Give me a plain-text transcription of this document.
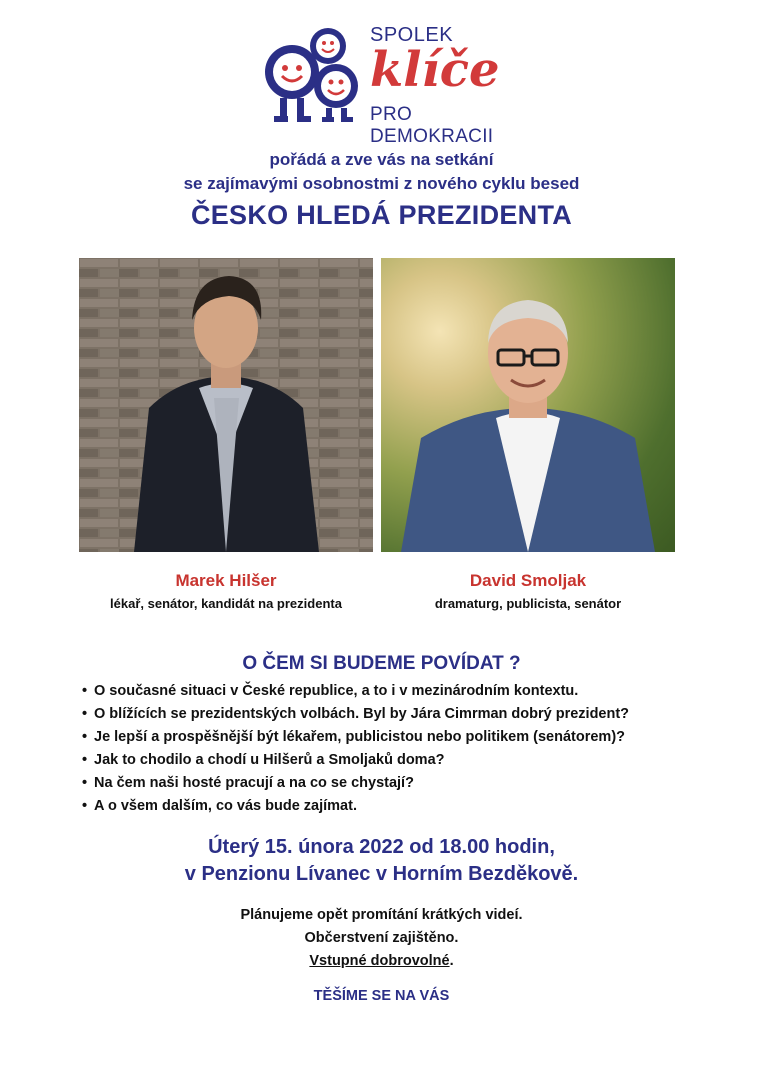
SPOLEK
klíče
PRO DEMOKRACII
pořádá a zve vás na setkání
se zajímavými osobnostmi z nového cyklu besed
ČESKO HLEDÁ PREZIDENTA
Marek Hilšer
lékař, senátor, kandidát na prezidenta
David Smoljak
dramaturg, publicista, senátor
O ČEM SI BUDEME POVÍDAT ?
• O současné situaci v České republice, a to i v mezinárodním kontextu.
• O blížících se prezidentských volbách. Byl by Jára Cimrman dobrý prezident?
• Je lepší a prospěšnější být lékařem, publicistou nebo politikem (senátorem)?
• Jak to chodilo a chodí u Hilšerů a Smoljaků doma?
• Na čem naši hosté pracují a na co se chystají?
• A o všem dalším, co vás bude zajímat.
Úterý 15. února 2022 od 18.00 hodin,
v Penzionu Lívanec v Horním Bezděkově.
Plánujeme opět promítání krátkých videí.
Občerstvení zajištěno.
Vstupné dobrovolné.
TĚŠÍME SE NA VÁS
